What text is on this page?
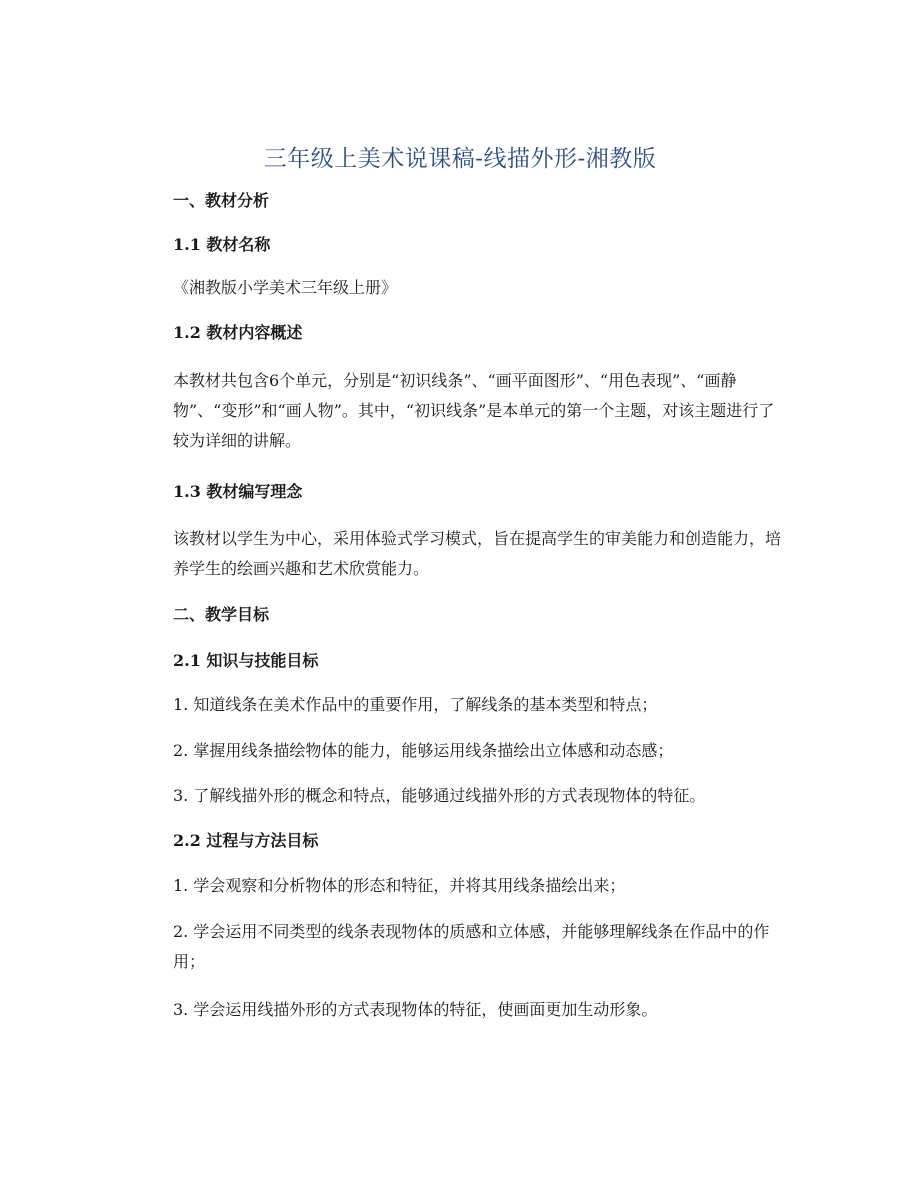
三年级上美术说课稿-线描外形-湘教版
一、教材分析
1.1 教材名称
《湘教版小学美术三年级上册》
1.2 教材内容概述
本教材共包含6个单元，分别是“初识线条”、“画平面图形”、“用色表现”、“画静物”、“变形”和“画人物”。其中，“初识线条”是本单元的第一个主题，对该主题进行了较为详细的讲解。
1.3 教材编写理念
该教材以学生为中心，采用体验式学习模式，旨在提高学生的审美能力和创造能力，培养学生的绘画兴趣和艺术欣赏能力。
二、教学目标
2.1 知识与技能目标
1. 知道线条在美术作品中的重要作用，了解线条的基本类型和特点；
2. 掌握用线条描绘物体的能力，能够运用线条描绘出立体感和动态感；
3. 了解线描外形的概念和特点，能够通过线描外形的方式表现物体的特征。
2.2 过程与方法目标
1. 学会观察和分析物体的形态和特征，并将其用线条描绘出来；
2. 学会运用不同类型的线条表现物体的质感和立体感，并能够理解线条在作品中的作用；
3. 学会运用线描外形的方式表现物体的特征，使画面更加生动形象。
